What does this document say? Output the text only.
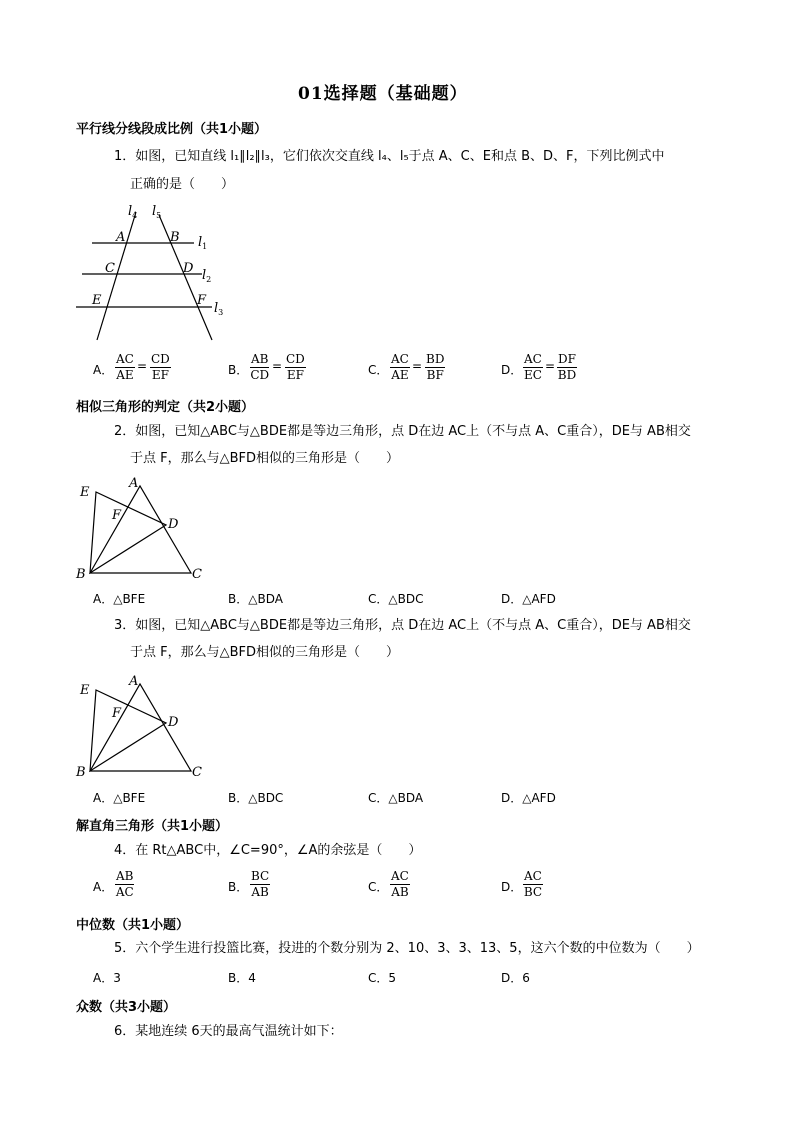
01选择题（基础题）
平行线分线段成比例（共1小题）
1．如图，已知直线 l₁∥l₂∥l₃，它们依次交直线 l₄、l₅于点 A、C、E和点 B、D、F，下列比例式中
正确的是（　　）
$l_4$ $l_5$
$l_1$
$l_2$
$l_3$
A	B
C	D
E	F
A． $\frac{AC}{AE} = \frac{CD}{EF}$	B． $\frac{AB}{CD} = \frac{CD}{EF}$	C． $\frac{AC}{AE} = \frac{BD}{BF}$	D． $\frac{AC}{EC} = \frac{DF}{BD}$
相似三角形的判定（共2小题）
2．如图，已知△ABC与△BDE都是等边三角形，点 D在边 AC上（不与点 A、C重合），DE与 AB相交
于点 F，那么与△BFD相似的三角形是（　　）
E
A
F
D
B	C
A．△BFE	B．△BDA	C．△BDC	D．△AFD
3．如图，已知△ABC与△BDE都是等边三角形，点 D在边 AC上（不与点 A、C重合），DE与 AB相交
于点 F，那么与△BFD相似的三角形是（　　）
E
A
F
D
B	C
A．△BFE	B．△BDC	C．△BDA	D．△AFD
解直角三角形（共1小题）
4．在 Rt△ABC中，∠C=90°，∠A的余弦是（　　）
A． $\frac{AB}{AC}$	B． $\frac{BC}{AB}$	C． $\frac{AC}{AB}$	D． $\frac{AC}{BC}$
中位数（共1小题）
5．六个学生进行投篮比赛，投进的个数分别为 2、10、3、3、13、5，这六个数的中位数为（　　）
A．3	B．4	C．5	D．6
众数（共3小题）
6．某地连续 6天的最高气温统计如下：
